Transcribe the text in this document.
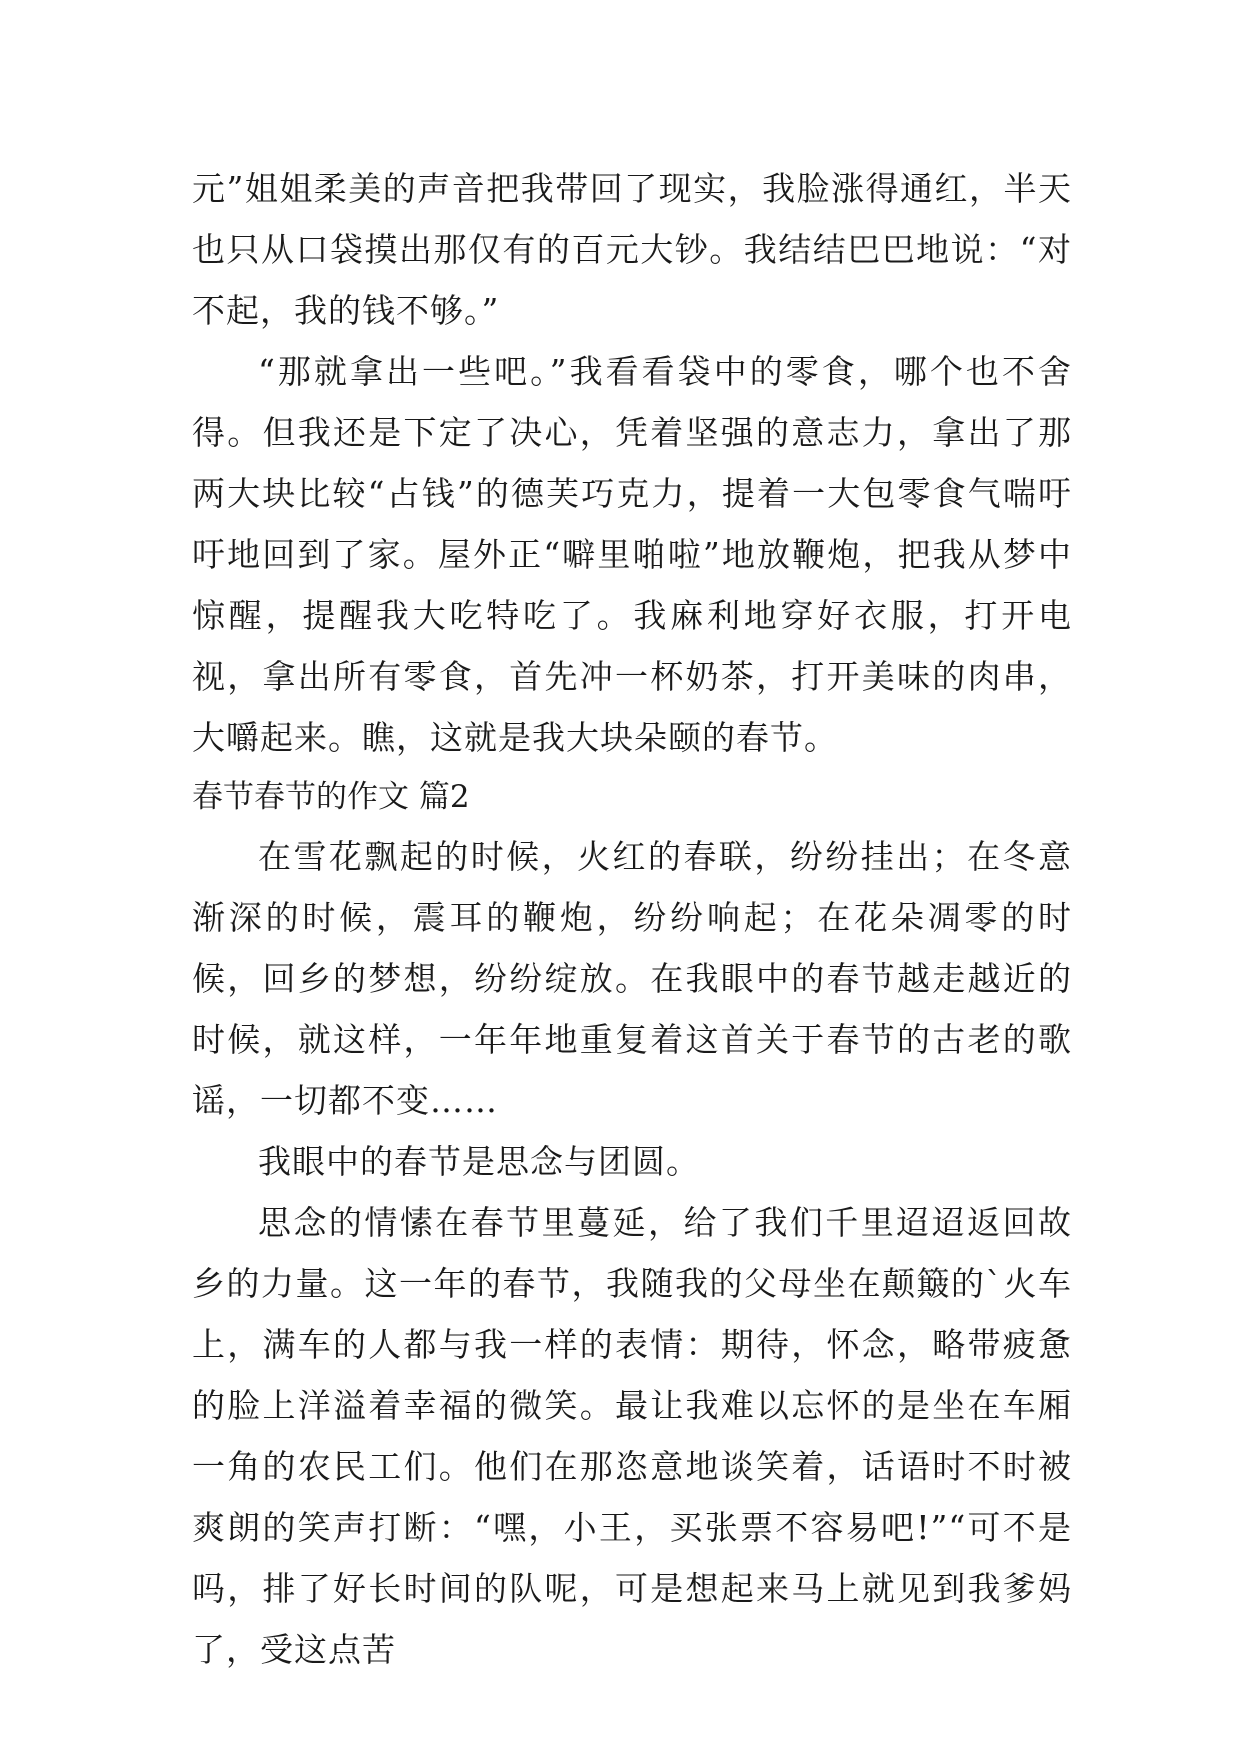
元”姐姐柔美的声音把我带回了现实，我脸涨得通红，半天也只从口袋摸出那仅有的百元大钞。我结结巴巴地说：“对不起，我的钱不够。”

“那就拿出一些吧。”我看看袋中的零食，哪个也不舍得。但我还是下定了决心，凭着坚强的意志力，拿出了那两大块比较“占钱”的德芙巧克力，提着一大包零食气喘吁吁地回到了家。屋外正“噼里啪啦”地放鞭炮，把我从梦中惊醒，提醒我大吃特吃了。我麻利地穿好衣服，打开电视，拿出所有零食，首先冲一杯奶茶，打开美味的肉串，大嚼起来。瞧，这就是我大块朵颐的春节。

春节春节的作文 篇2

在雪花飘起的时候，火红的春联，纷纷挂出；在冬意渐深的时候，震耳的鞭炮，纷纷响起；在花朵凋零的时候，回乡的梦想，纷纷绽放。在我眼中的春节越走越近的时候，就这样，一年年地重复着这首关于春节的古老的歌谣，一切都不变……

我眼中的春节是思念与团圆。

思念的情愫在春节里蔓延，给了我们千里迢迢返回故乡的力量。这一年的春节，我随我的父母坐在颠簸的`火车上，满车的人都与我一样的表情：期待，怀念，略带疲惫的脸上洋溢着幸福的微笑。最让我难以忘怀的是坐在车厢一角的农民工们。他们在那恣意地谈笑着，话语时不时被爽朗的笑声打断：“嘿，小王，买张票不容易吧!”“可不是吗，排了好长时间的队呢，可是想起来马上就见到我爹妈了，受这点苦
